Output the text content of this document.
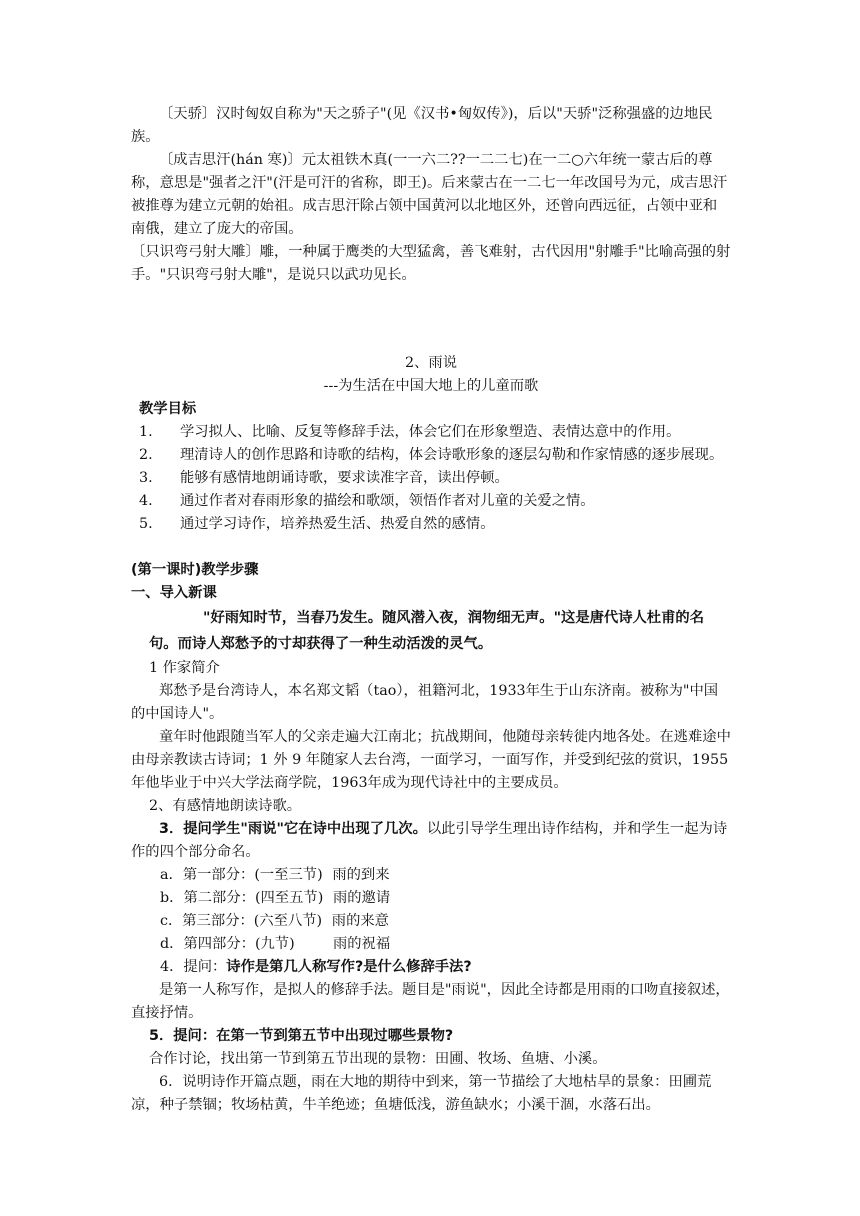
〔天骄〕汉时匈奴自称为"天之骄子"(见《汉书•匈奴传》)，后以"天骄"泛称强盛的边地民族。

〔成吉思汗(hán 寒)〕元太祖铁木真(一一六二??一二二七)在一二○六年统一蒙古后的尊称，意思是"强者之汗"(汗是可汗的省称，即王)。后来蒙古在一二七一年改国号为元，成吉思汗被推尊为建立元朝的始祖。成吉思汗除占领中国黄河以北地区外，还曾向西远征，占领中亚和南俄，建立了庞大的帝国。

〔只识弯弓射大雕〕雕，一种属于鹰类的大型猛禽，善飞难射，古代因用"射雕手"比喻高强的射手。"只识弯弓射大雕"，是说只以武功见长。

2、雨说

---为生活在中国大地上的儿童而歌

教学目标

1. 学习拟人、比喻、反复等修辞手法，体会它们在形象塑造、表情达意中的作用。

2. 理清诗人的创作思路和诗歌的结构，体会诗歌形象的逐层勾勒和作家情感的逐步展现。

3. 能够有感情地朗诵诗歌，要求读准字音，读出停顿。

4. 通过作者对春雨形象的描绘和歌颂，领悟作者对儿童的关爱之情。

5. 通过学习诗作，培养热爱生活、热爱自然的感情。

(第一课时)教学步骤

一、导入新课

"好雨知时节，当春乃发生。随风潜入夜，润物细无声。"这是唐代诗人杜甫的名句。而诗人郑愁予的寸却获得了一种生动活泼的灵气。

1 作家简介

郑愁予是台湾诗人，本名郑文韬（tao），祖籍河北，1933年生于山东济南。被称为"中国的中国诗人"。

童年时他跟随当军人的父亲走遍大江南北；抗战期间，他随母亲转徙内地各处。在逃难途中由母亲教读古诗词；1 外 9 年随家人去台湾，一面学习，一面写作，并受到纪弦的赏识，1955年他毕业于中兴大学法商学院，1963年成为现代诗社中的主要成员。

2、有感情地朗读诗歌。

3．提问学生"雨说"它在诗中出现了几次。以此引导学生理出诗作结构，并和学生一起为诗作的四个部分命名。

a．第一部分：(一至三节) 雨的到来

b．第二部分：(四至五节) 雨的邀请

c．第三部分：(六至八节) 雨的来意

d．第四部分：(九节)	雨的祝福

4．提问：诗作是第几人称写作?是什么修辞手法?

是第一人称写作，是拟人的修辞手法。题目是"雨说"，因此全诗都是用雨的口吻直接叙述，直接抒情。

5．提问：在第一节到第五节中出现过哪些景物?

合作讨论，找出第一节到第五节出现的景物：田圃、牧场、鱼塘、小溪。

6．说明诗作开篇点题，雨在大地的期待中到来，第一节描绘了大地枯旱的景象：田圃荒凉，种子禁锢；牧场枯黄，牛羊绝迹；鱼塘低浅，游鱼缺水；小溪干涸，水落石出。
